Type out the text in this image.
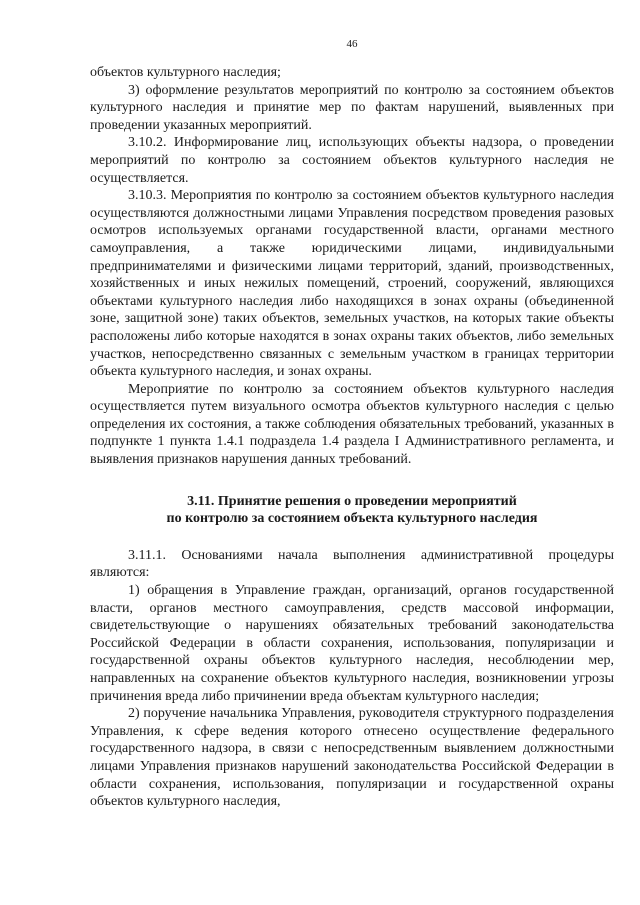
46

объектов культурного наследия;

3) оформление результатов мероприятий по контролю за состоянием объектов культурного наследия и принятие мер по фактам нарушений, выявленных при проведении указанных мероприятий.

3.10.2. Информирование лиц, использующих объекты надзора, о проведении мероприятий по контролю за состоянием объектов культурного наследия не осуществляется.

3.10.3. Мероприятия по контролю за состоянием объектов культурного наследия осуществляются должностными лицами Управления посредством проведения разовых осмотров используемых органами государственной власти, органами местного самоуправления, а также юридическими лицами, индивидуальными предпринимателями и физическими лицами территорий, зданий, производственных, хозяйственных и иных нежилых помещений, строений, сооружений, являющихся объектами культурного наследия либо находящихся в зонах охраны (объединенной зоне, защитной зоне) таких объектов, земельных участков, на которых такие объекты расположены либо которые находятся в зонах охраны таких объектов, либо земельных участков, непосредственно связанных с земельным участком в границах территории объекта культурного наследия, и зонах охраны.

Мероприятие по контролю за состоянием объектов культурного наследия осуществляется путем визуального осмотра объектов культурного наследия с целью определения их состояния, а также соблюдения обязательных требований, указанных в подпункте 1 пункта 1.4.1 подраздела 1.4 раздела I Административного регламента, и выявления признаков нарушения данных требований.

3.11. Принятие решения о проведении мероприятий
по контролю за состоянием объекта культурного наследия

3.11.1. Основаниями начала выполнения административной процедуры являются:

1) обращения в Управление граждан, организаций, органов государственной власти, органов местного самоуправления, средств массовой информации, свидетельствующие о нарушениях обязательных требований законодательства Российской Федерации в области сохранения, использования, популяризации и государственной охраны объектов культурного наследия, несоблюдении мер, направленных на сохранение объектов культурного наследия, возникновении угрозы причинения вреда либо причинении вреда объектам культурного наследия;

2) поручение начальника Управления, руководителя структурного подразделения Управления, к сфере ведения которого отнесено осуществление федерального государственного надзора, в связи с непосредственным выявлением должностными лицами Управления признаков нарушений законодательства Российской Федерации в области сохранения, использования, популяризации и государственной охраны объектов культурного наследия,
